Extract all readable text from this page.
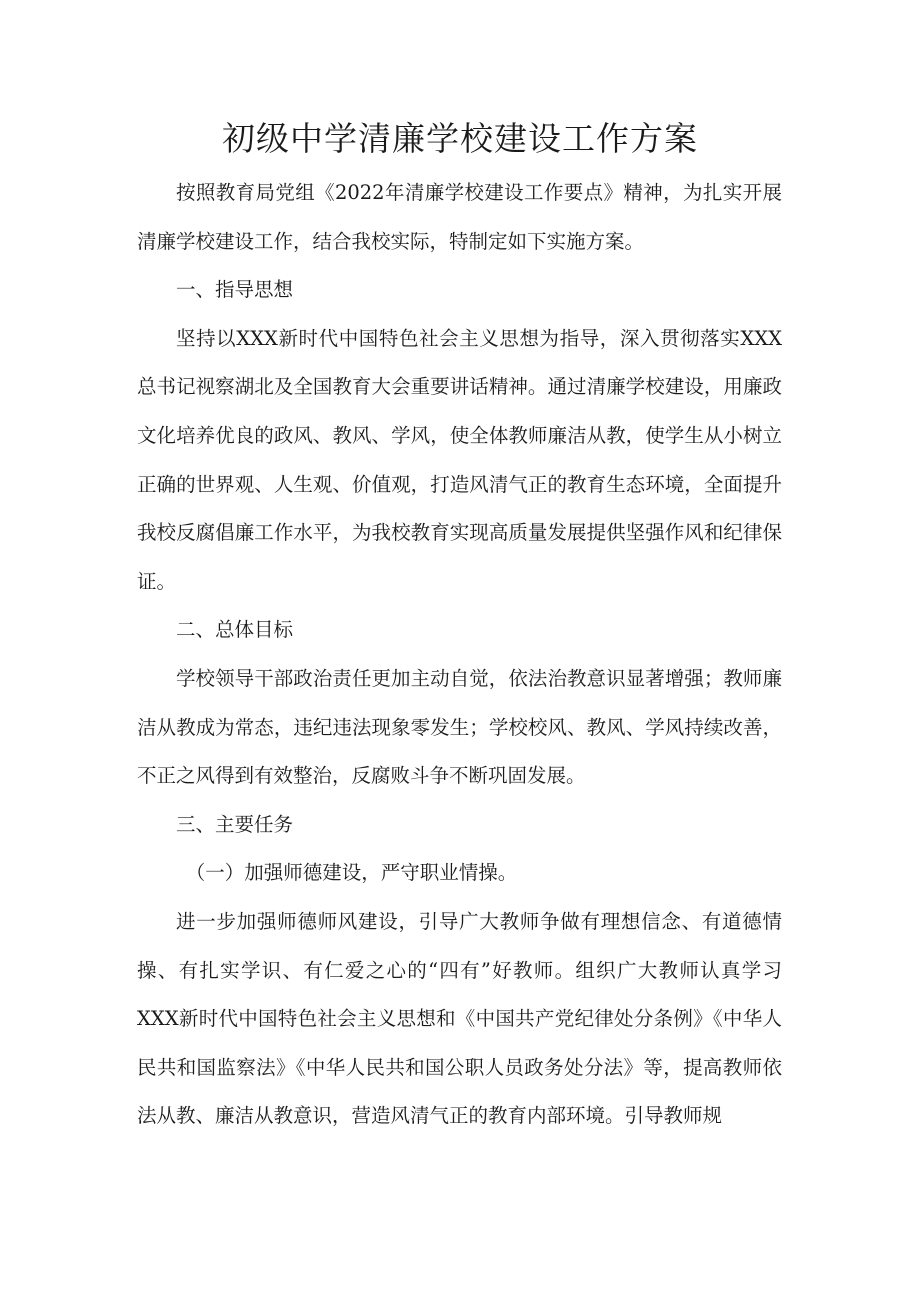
初级中学清廉学校建设工作方案

按照教育局党组《2022年清廉学校建设工作要点》精神，为扎实开展清廉学校建设工作，结合我校实际，特制定如下实施方案。

一、指导思想

坚持以XXX新时代中国特色社会主义思想为指导，深入贯彻落实XXX总书记视察湖北及全国教育大会重要讲话精神。通过清廉学校建设，用廉政文化培养优良的政风、教风、学风，使全体教师廉洁从教，使学生从小树立正确的世界观、人生观、价值观，打造风清气正的教育生态环境，全面提升我校反腐倡廉工作水平，为我校教育实现高质量发展提供坚强作风和纪律保证。

二、总体目标

学校领导干部政治责任更加主动自觉，依法治教意识显著增强；教师廉洁从教成为常态，违纪违法现象零发生；学校校风、教风、学风持续改善，不正之风得到有效整治，反腐败斗争不断巩固发展。

三、主要任务

（一）加强师德建设，严守职业情操。

进一步加强师德师风建设，引导广大教师争做有理想信念、有道德情操、有扎实学识、有仁爱之心的“四有”好教师。组织广大教师认真学习XXX新时代中国特色社会主义思想和《中国共产党纪律处分条例》《中华人民共和国监察法》《中华人民共和国公职人员政务处分法》等，提高教师依法从教、廉洁从教意识，营造风清气正的教育内部环境。引导教师规
